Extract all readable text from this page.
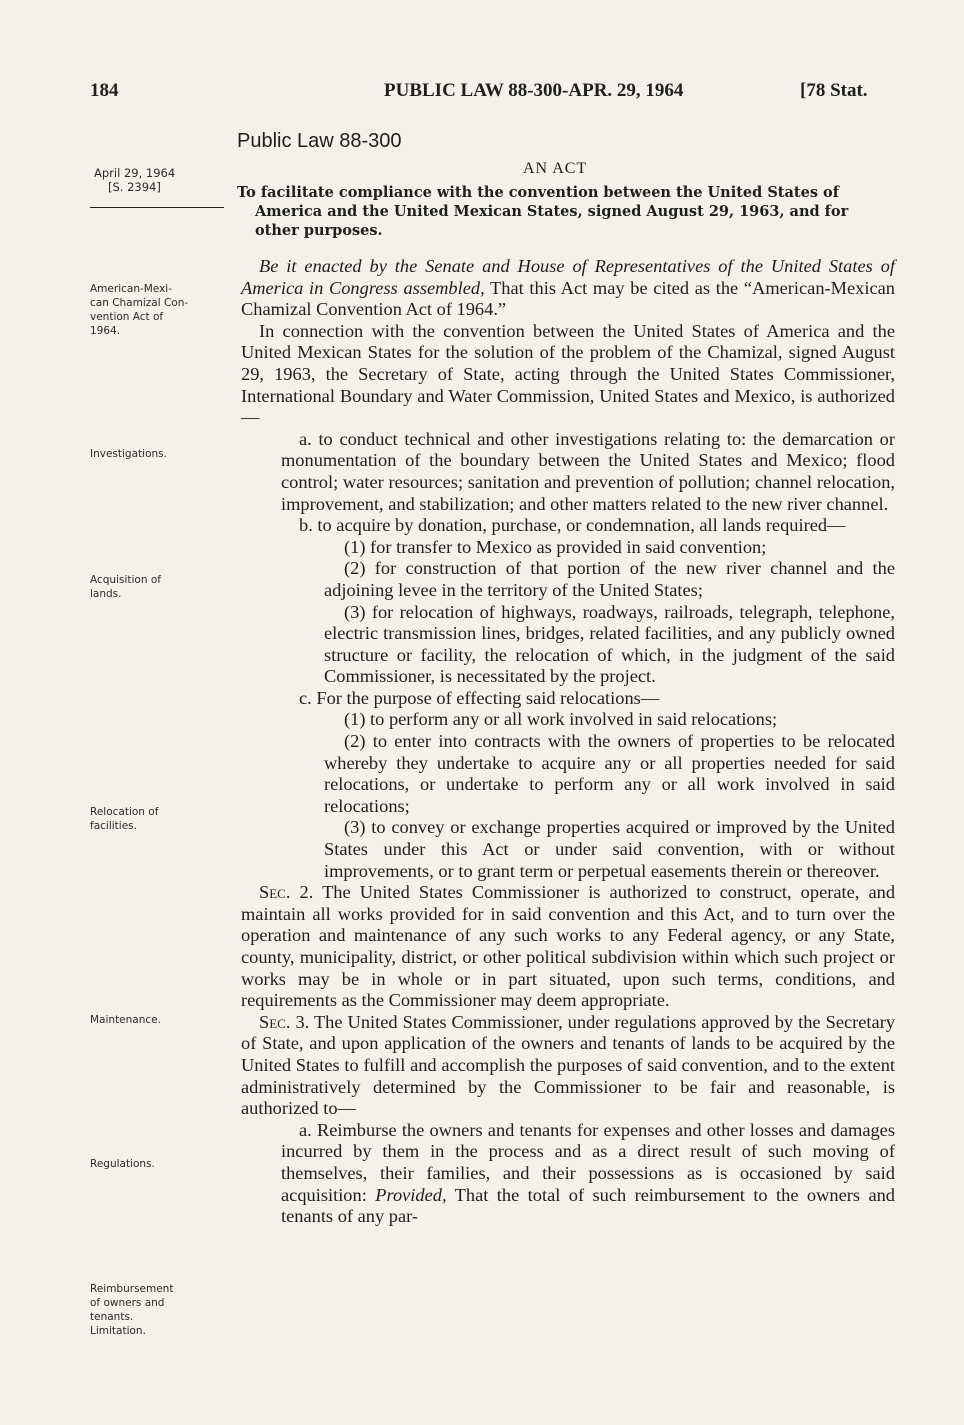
184	PUBLIC LAW 88-300-APR. 29, 1964	[78 Stat.
Public Law 88-300
AN ACT
April 29, 1964
[S. 2394]
American-Mexi-
can Chamizal Con-
vention Act of
1964.
Investigations.
Acquisition of
lands.
Relocation of
facilities.
Maintenance.
Regulations.
Reimbursement
of owners and
tenants.
Limitation.
To facilitate compliance with the convention between the United States of
America and the United Mexican States, signed August 29, 1963, and for
other purposes.

Be it enacted by the Senate and House of Representatives of the United States of America in Congress assembled, That this Act may be cited as the “American-Mexican Chamizal Convention Act of 1964.”

In connection with the convention between the United States of America and the United Mexican States for the solution of the problem of the Chamizal, signed August 29, 1963, the Secretary of State, acting through the United States Commissioner, International Boundary and Water Commission, United States and Mexico, is authorized—

a. to conduct technical and other investigations relating to: the demarcation or monumentation of the boundary between the United States and Mexico; flood control; water resources; sanitation and prevention of pollution; channel relocation, improvement, and stabilization; and other matters related to the new river channel.

b. to acquire by donation, purchase, or condemnation, all lands required—

(1) for transfer to Mexico as provided in said convention;

(2) for construction of that portion of the new river channel and the adjoining levee in the territory of the United States;

(3) for relocation of highways, roadways, railroads, telegraph, telephone, electric transmission lines, bridges, related facilities, and any publicly owned structure or facility, the relocation of which, in the judgment of the said Commissioner, is necessitated by the project.

c. For the purpose of effecting said relocations—

(1) to perform any or all work involved in said relocations;

(2) to enter into contracts with the owners of properties to be relocated whereby they undertake to acquire any or all properties needed for said relocations, or undertake to perform any or all work involved in said relocations;

(3) to convey or exchange properties acquired or improved by the United States under this Act or under said convention, with or without improvements, or to grant term or perpetual easements therein or thereover.

Sec. 2. The United States Commissioner is authorized to construct, operate, and maintain all works provided for in said convention and this Act, and to turn over the operation and maintenance of any such works to any Federal agency, or any State, county, municipality, district, or other political subdivision within which such project or works may be in whole or in part situated, upon such terms, conditions, and requirements as the Commissioner may deem appropriate.

Sec. 3. The United States Commissioner, under regulations approved by the Secretary of State, and upon application of the owners and tenants of lands to be acquired by the United States to fulfill and accomplish the purposes of said convention, and to the extent administratively determined by the Commissioner to be fair and reasonable, is authorized to—

a. Reimburse the owners and tenants for expenses and other losses and damages incurred by them in the process and as a direct result of such moving of themselves, their families, and their possessions as is occasioned by said acquisition: Provided, That the total of such reimbursement to the owners and tenants of any par-
